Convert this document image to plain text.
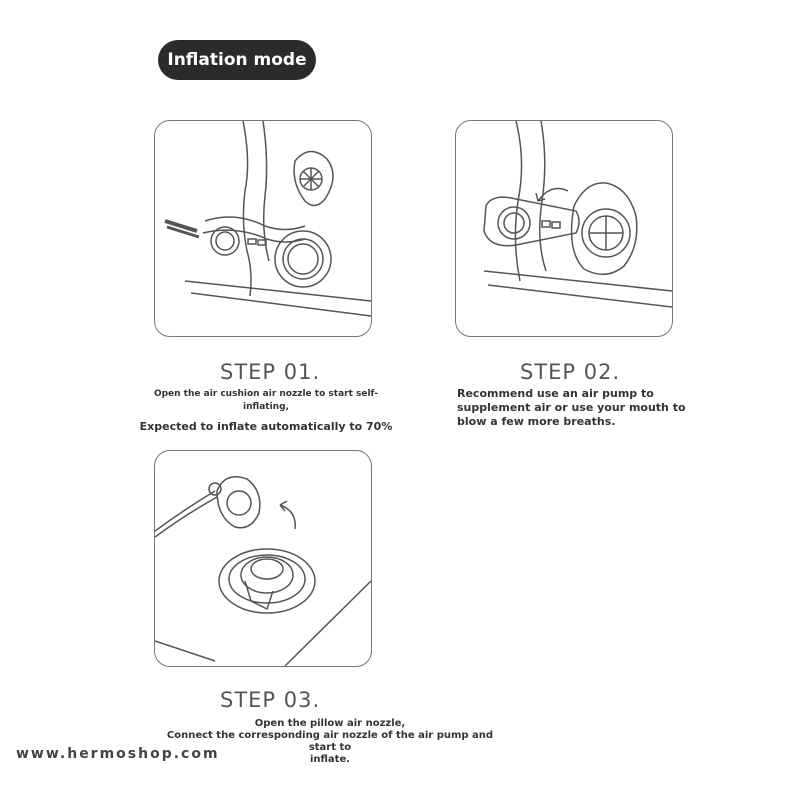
Inflation mode
STEP 01.	STEP 02.
STEP 03.
Open the air cushion air nozzle to start self-inflating,
Expected to inflate automatically to 70%
Recommend use an air pump to
supplement air or use your mouth to
blow a few more breaths.
Open the pillow air nozzle,
Connect the corresponding air nozzle of the air pump and start to
inflate.
www.hermoshop.com
